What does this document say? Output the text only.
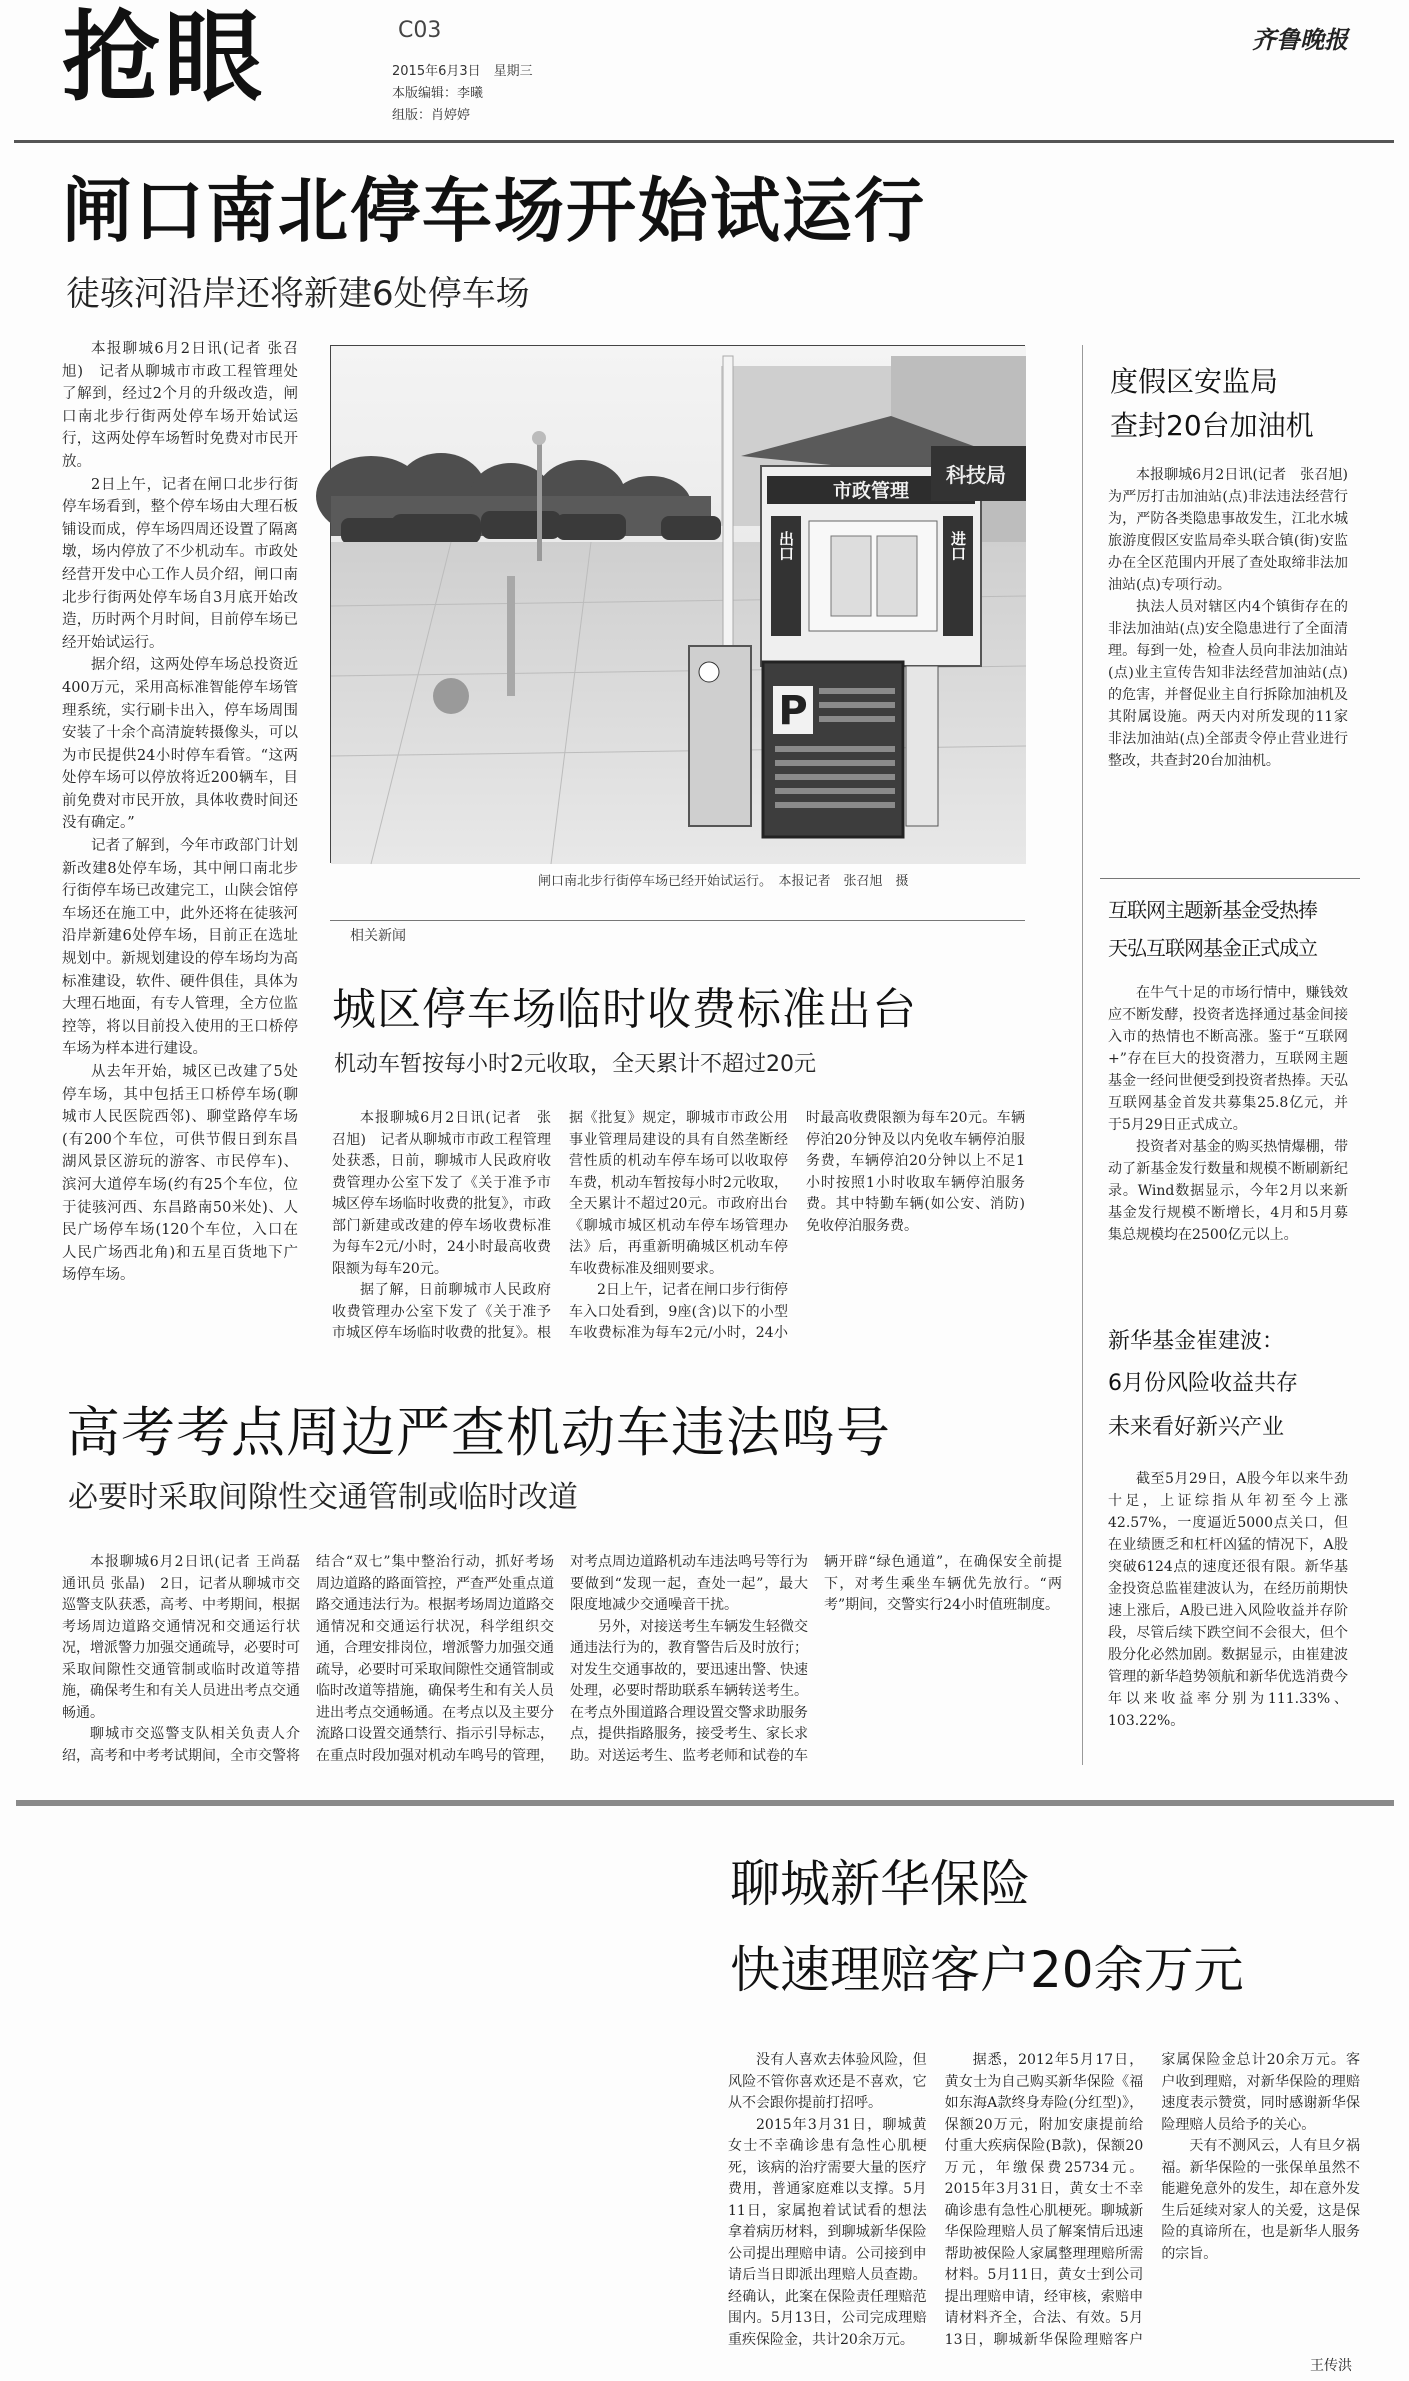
抢眼	C03
2015年6月3日　星期三
本版编辑：李曦
组版：肖婷婷
齐鲁晚报
闸口南北停车场开始试运行
徒骇河沿岸还将新建6处停车场

本报聊城6月2日讯(记者 张召旭)　记者从聊城市市政工程管理处了解到，经过2个月的升级改造，闸口南北步行街两处停车场开始试运行，这两处停车场暂时免费对市民开放。

2日上午，记者在闸口北步行街停车场看到，整个停车场由大理石板铺设而成，停车场四周还设置了隔离墩，场内停放了不少机动车。市政处经营开发中心工作人员介绍，闸口南北步行街两处停车场自3月底开始改造，历时两个月时间，目前停车场已经开始试运行。

据介绍，这两处停车场总投资近400万元，采用高标准智能停车场管理系统，实行刷卡出入，停车场周围安装了十余个高清旋转摄像头，可以为市民提供24小时停车看管。“这两处停车场可以停放将近200辆车，目前免费对市民开放，具体收费时间还没有确定。”

记者了解到，今年市政部门计划新改建8处停车场，其中闸口南北步行街停车场已改建完工，山陕会馆停车场还在施工中，此外还将在徒骇河沿岸新建6处停车场，目前正在选址规划中。新规划建设的停车场均为高标准建设，软件、硬件俱佳，具体为大理石地面，有专人管理，全方位监控等，将以目前投入使用的王口桥停车场为样本进行建设。

从去年开始，城区已改建了5处停车场，其中包括王口桥停车场(聊城市人民医院西邻)、聊堂路停车场(有200个车位，可供节假日到东昌湖风景区游玩的游客、市民停车)、滨河大道停车场(约有25个车位，位于徒骇河西、东昌路南50米处)、人民广场停车场(120个车位，入口在人民广场西北角)和五星百货地下广场停车场。

市政管理
出口	进口
P
科技局
闸口南北步行街停车场已经开始试运行。　本报记者　张召旭　摄
相关新闻
城区停车场临时收费标准出台
机动车暂按每小时2元收取，全天累计不超过20元

本报聊城6月2日讯(记者　张召旭)　记者从聊城市市政工程管理处获悉，日前，聊城市人民政府收费管理办公室下发了《关于准予市城区停车场临时收费的批复》，市政部门新建或改建的停车场收费标准为每车2元/小时，24小时最高收费限额为每车20元。

据了解，日前聊城市人民政府收费管理办公室下发了《关于准予市城区停车场临时收费的批复》。根据《批复》规定，聊城市市政公用事业管理局建设的具有自然垄断经营性质的机动车停车场可以收取停车费，机动车暂按每小时2元收取，全天累计不超过20元。市政府出台《聊城市城区机动车停车场管理办法》后，再重新明确城区机动车停车收费标准及细则要求。

2日上午，记者在闸口步行街停车入口处看到，9座(含)以下的小型车收费标准为每车2元/小时，24小时最高收费限额为每车20元。车辆停泊20分钟及以内免收车辆停泊服务费，车辆停泊20分钟以上不足1小时按照1小时收取车辆停泊服务费。其中特勤车辆(如公安、消防)免收停泊服务费。

度假区安监局
查封20台加油机

本报聊城6月2日讯(记者　张召旭)　为严厉打击加油站(点)非法违法经营行为，严防各类隐患事故发生，江北水城旅游度假区安监局牵头联合镇(街)安监办在全区范围内开展了查处取缔非法加油站(点)专项行动。

执法人员对辖区内4个镇街存在的非法加油站(点)安全隐患进行了全面清理。每到一处，检查人员向非法加油站(点)业主宣传告知非法经营加油站(点)的危害，并督促业主自行拆除加油机及其附属设施。两天内对所发现的11家非法加油站(点)全部责令停止营业进行整改，共查封20台加油机。

互联网主题新基金受热捧
天弘互联网基金正式成立

在牛气十足的市场行情中，赚钱效应不断发酵，投资者选择通过基金间接入市的热情也不断高涨。鉴于“互联网+”存在巨大的投资潜力，互联网主题基金一经问世便受到投资者热捧。天弘互联网基金首发共募集25.8亿元，并于5月29日正式成立。

投资者对基金的购买热情爆棚，带动了新基金发行数量和规模不断刷新纪录。Wind数据显示，今年2月以来新基金发行规模不断增长，4月和5月募集总规模均在2500亿元以上。

新华基金崔建波：
6月份风险收益共存
未来看好新兴产业

截至5月29日，A股今年以来牛劲十足，上证综指从年初至今上涨42.57%，一度逼近5000点关口，但在业绩匮乏和杠杆凶猛的情况下，A股突破6124点的速度还很有限。新华基金投资总监崔建波认为，在经历前期快速上涨后，A股已进入风险收益并存阶段，尽管后续下跌空间不会很大，但个股分化必然加剧。数据显示，由崔建波管理的新华趋势领航和新华优选消费今年以来收益率分别为111.33%、103.22%。

高考考点周边严查机动车违法鸣号
必要时采取间隙性交通管制或临时改道

本报聊城6月2日讯(记者 王尚磊　通讯员 张晶)　2日，记者从聊城市交巡警支队获悉，高考、中考期间，根据考场周边道路交通情况和交通运行状况，增派警力加强交通疏导，必要时可采取间隙性交通管制或临时改道等措施，确保考生和有关人员进出考点交通畅通。

聊城市交巡警支队相关负责人介绍，高考和中考考试期间，全市交警将结合“双七”集中整治行动，抓好考场周边道路的路面管控，严查严处重点道路交通违法行为。根据考场周边道路交通情况和交通运行状况，科学组织交通，合理安排岗位，增派警力加强交通疏导，必要时可采取间隙性交通管制或临时改道等措施，确保考生和有关人员进出考点交通畅通。在考点以及主要分流路口设置交通禁行、指示引导标志，在重点时段加强对机动车鸣号的管理，对考点周边道路机动车违法鸣号等行为要做到“发现一起，查处一起”，最大限度地减少交通噪音干扰。

另外，对接送考生车辆发生轻微交通违法行为的，教育警告后及时放行；对发生交通事故的，要迅速出警、快速处理，必要时帮助联系车辆转送考生。在考点外围道路合理设置交警求助服务点，提供指路服务，接受考生、家长求助。对送运考生、监考老师和试卷的车辆开辟“绿色通道”，在确保安全前提下，对考生乘坐车辆优先放行。“两考”期间，交警实行24小时值班制度。

聊城新华保险
快速理赔客户20余万元

没有人喜欢去体验风险，但风险不管你喜欢还是不喜欢，它从不会跟你提前打招呼。

2015年3月31日，聊城黄女士不幸确诊患有急性心肌梗死，该病的治疗需要大量的医疗费用，普通家庭难以支撑。5月11日，家属抱着试试看的想法拿着病历材料，到聊城新华保险公司提出理赔申请。公司接到申请后当日即派出理赔人员查勘。经确认，此案在保险责任理赔范围内。5月13日，公司完成理赔重疾保险金，共计20余万元。

据悉，2012年5月17日，黄女士为自己购买新华保险《福如东海A款终身寿险(分红型)》，保额20万元，附加安康提前给付重大疾病保险(B款)，保额20万元，年缴保费25734元。2015年3月31日，黄女士不幸确诊患有急性心肌梗死。聊城新华保险理赔人员了解案情后迅速帮助被保险人家属整理理赔所需材料。5月11日，黄女士到公司提出理赔申请，经审核，索赔申请材料齐全，合法、有效。5月13日，聊城新华保险理赔客户家属保险金总计20余万元。客户收到理赔，对新华保险的理赔速度表示赞赏，同时感谢新华保险理赔人员给予的关心。

天有不测风云，人有旦夕祸福。新华保险的一张保单虽然不能避免意外的发生，却在意外发生后延续对家人的关爱，这是保险的真谛所在，也是新华人服务的宗旨。

王传洪
